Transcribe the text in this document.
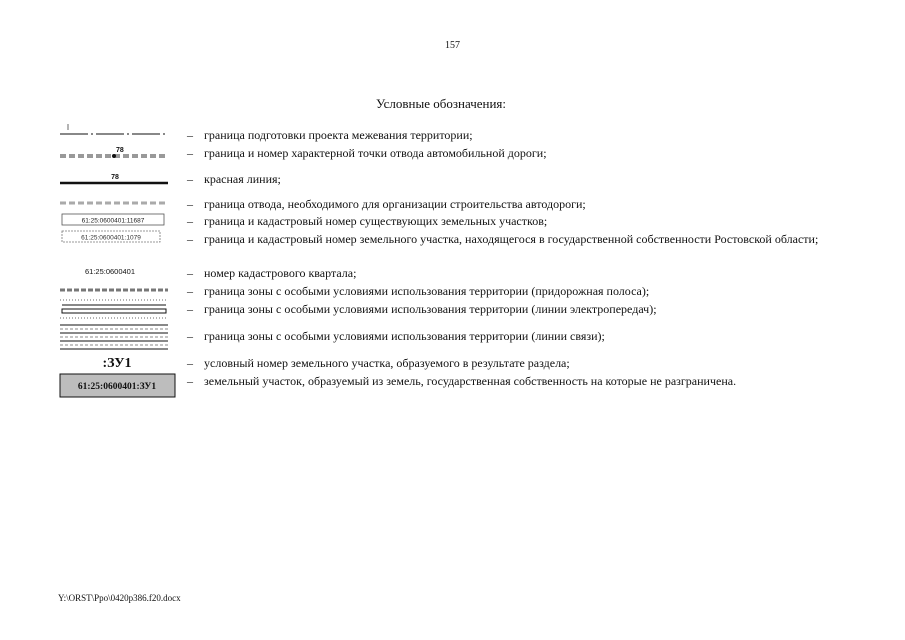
157
Условные обозначения:
– граница подготовки проекта межевания территории;
78	– граница и номер характерной точки отвода автомобильной дороги;
78	– красная линия;
– граница отвода, необходимого для организации строительства автодороги;
61:25:0600401:11687	– граница и кадастровый номер существующих земельных участков;
61:25:0600401:1079	– граница и кадастровый номер земельного участка, находящегося в государственной собственности Ростовской области;
61:25:0600401	– номер кадастрового квартала;
– граница зоны с особыми условиями использования территории (придорожная полоса);
– граница зоны с особыми условиями использования территории (линии электропередач);
– граница зоны с особыми условиями использования территории (линии связи);
:ЗУ1	– условный номер земельного участка, образуемого в результате раздела;
61:25:0600401:ЗУ1	– земельный участок, образуемый из земель, государственная собственность на которые не разграничена.
Y:\ORST\Ppo\0420p386.f20.docx
